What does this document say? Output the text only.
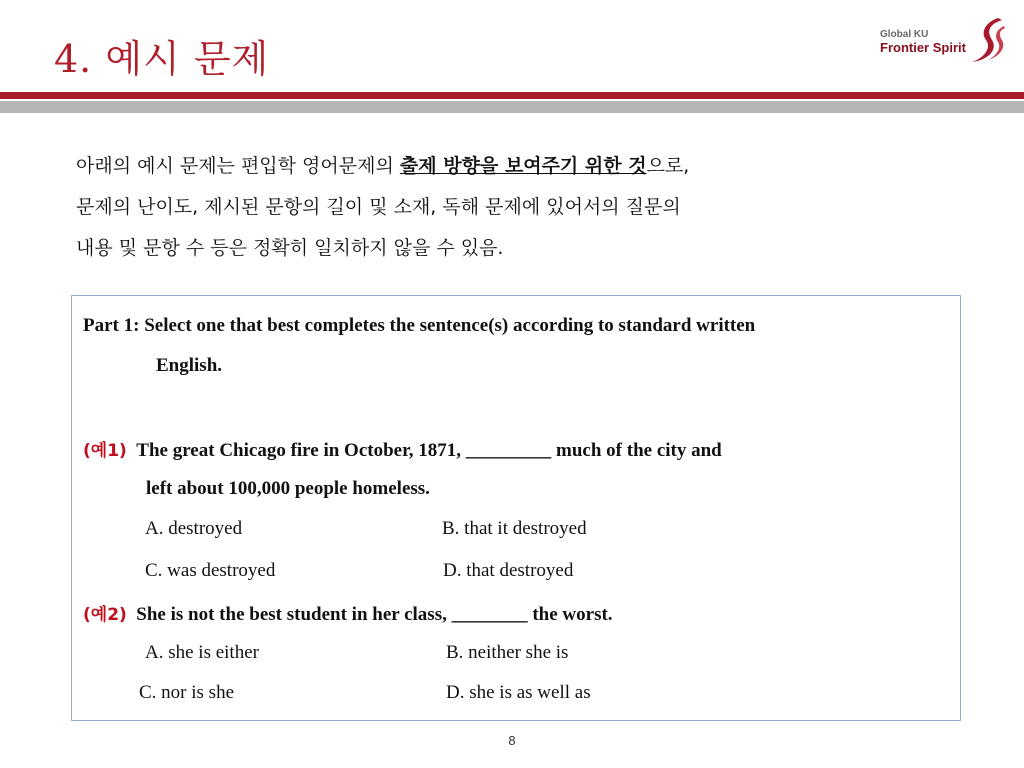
4. 예시 문제
Global KU
Frontier Spirit
아래의 예시 문제는 편입학 영어문제의 출제 방향을 보여주기 위한 것으로,
문제의 난이도, 제시된 문항의 길이 및 소재, 독해 문제에 있어서의 질문의
내용 및 문항 수 등은 정확히 일치하지 않을 수 있음.
Part 1: Select one that best completes the sentence(s) according to standard written
English.
(예1) The great Chicago fire in October, 1871, _________ much of the city and
left about 100,000 people homeless.
A. destroyed	B. that it destroyed
C. was destroyed	D. that destroyed
(예2) She is not the best student in her class, ________ the worst.
A. she is either	B. neither she is
C. nor is she	D. she is as well as
8
